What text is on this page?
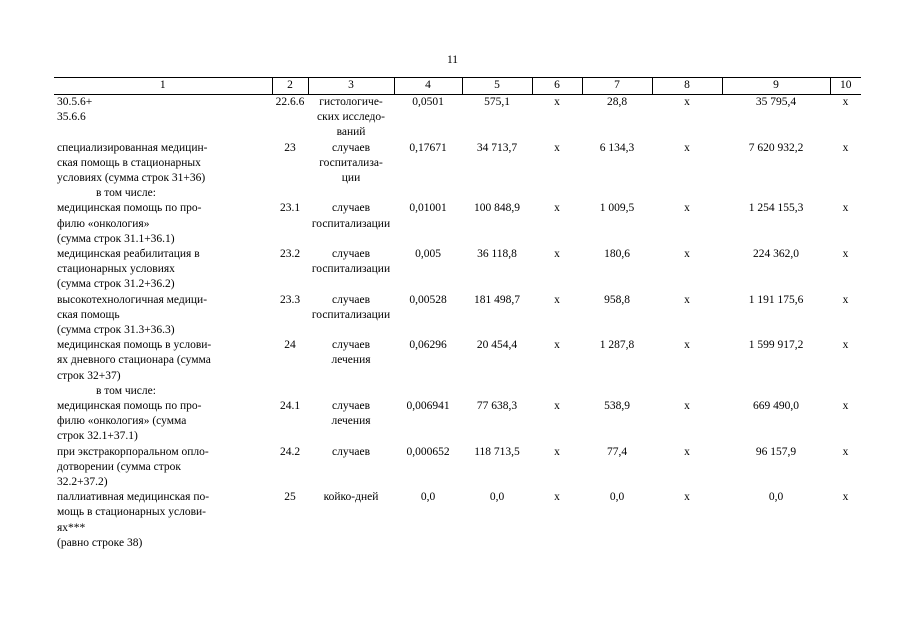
11
1	2	3	4	5	6	7	8	9	10

30.5.6+
35.6.6	22.6.6	гистологиче-
ских исследо-
ваний	0,0501	575,1	х	28,8	х	35 795,4	х

специализированная медицин-
ская помощь в стационарных
условиях (сумма строк 31+36)	23	случаев
госпитализа-
ции	0,17671	34 713,7	х	6 134,3	х	7 620 932,2	х

в том числе:									

медицинская помощь по про-
филю «онкология»
(сумма строк 31.1+36.1)	23.1	случаев
госпитализации	0,01001	100 848,9	х	1 009,5	х	1 254 155,3	х

медицинская реабилитация в
стационарных условиях
(сумма строк 31.2+36.2)	23.2	случаев
госпитализации	0,005	36 118,8	х	180,6	х	224 362,0	х

высокотехнологичная медици-
ская помощь
(сумма строк 31.3+36.3)	23.3	случаев
госпитализации	0,00528	181 498,7	х	958,8	х	1 191 175,6	х

медицинская помощь в услови-
ях дневного стационара (сумма
строк 32+37)	24	случаев
лечения	0,06296	20 454,4	х	1 287,8	х	1 599 917,2	х

в том числе:									

медицинская помощь по про-
филю «онкология» (сумма
строк 32.1+37.1)	24.1	случаев
лечения	0,006941	77 638,3	х	538,9	х	669 490,0	х

при экстракорпоральном опло-
дотворении (сумма строк
32.2+37.2)	24.2	случаев	0,000652	118 713,5	х	77,4	х	96 157,9	х

паллиативная медицинская по-
мощь в стационарных услови-
ях***
(равно строке 38)	25	койко-дней	0,0	0,0	х	0,0	х	0,0	х
